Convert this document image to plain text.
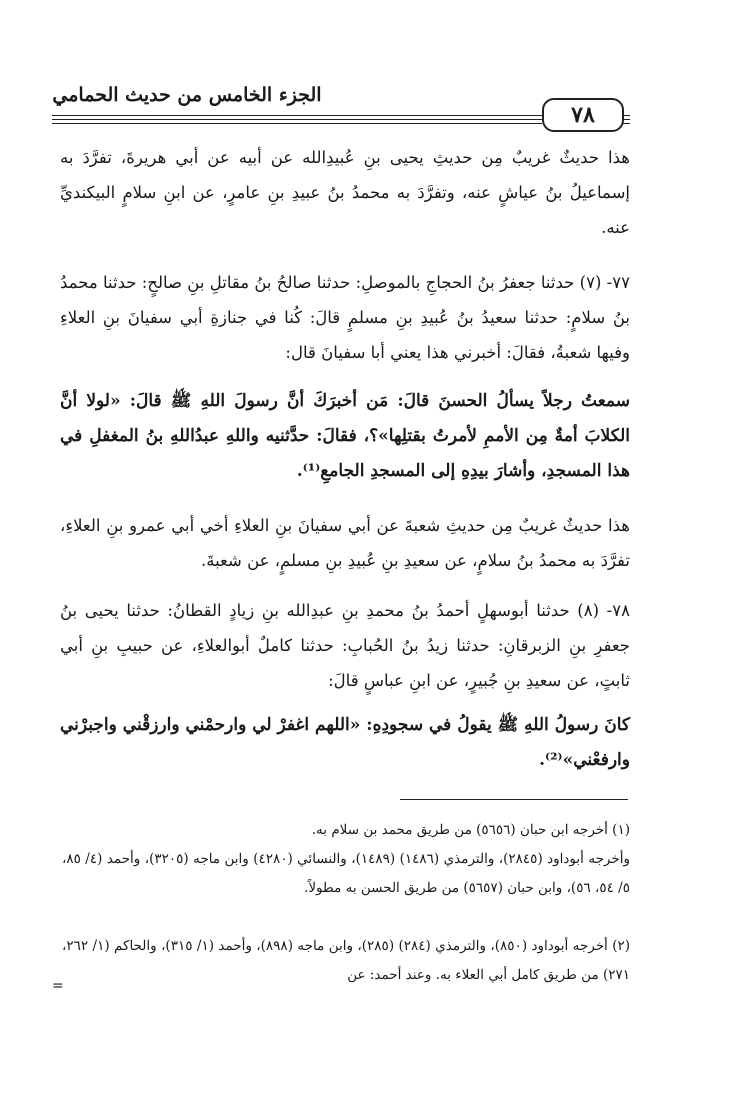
الجزء الخامس من حديث الحمامي
٧٨
هذا حديثٌ غريبٌ مِن حديثِ يحيى بنِ عُبيدِالله عن أبيه عن أبي هريرةَ، تفرَّدَ به إسماعيلُ بنُ عياشٍ عنه، وتفرَّدَ به محمدُ بنُ عبيدِ بنِ عامرٍ، عن ابنِ سلامٍ البيكنديِّ عنه.
٧٧- (٧) حدثنا جعفرُ بنُ الحجاجِ بالموصلِ: حدثنا صالحُ بنُ مقاتلِ بنِ صالحٍ: حدثنا محمدُ بنُ سلامٍ: حدثنا سعيدُ بنُ عُبيدِ بنِ مسلمٍ قالَ: كُنا في جنازةِ أبي سفيانَ بنِ العلاءِ وفيها شعبةُ، فقالَ: أخبرني هذا يعني أبا سفيانَ قال:
سمعتُ رجلاً يسألُ الحسنَ قالَ: مَن أخبرَكَ أنَّ رسولَ اللهِ ﷺ قالَ: «لولا أنَّ الكلابَ أمةٌ مِن الأممِ لأمرتُ بقتلِها»؟، فقالَ: حدَّثنيه واللهِ عبدُاللهِ بنُ المغفلِ في هذا المسجدِ، وأشارَ بيدِهِ إلى المسجدِ الجامعِ⁽¹⁾.
هذا حديثٌ غريبٌ مِن حديثِ شعبةَ عن أبي سفيانَ بنِ العلاءِ أخي أبي عمرو بنِ العلاءِ، تفرَّدَ به محمدُ بنُ سلامٍ، عن سعيدِ بنِ عُبيدِ بنِ مسلمٍ، عن شعبةَ.
٧٨- (٨) حدثنا أبوسهلٍ أحمدُ بنُ محمدِ بنِ عبدِالله بنِ زيادٍ القطانُ: حدثنا يحيى بنُ جعفرِ بنِ الزبرقانِ: حدثنا زيدُ بنُ الحُبابِ: حدثنا كاملٌ أبوالعلاءِ، عن حبيبِ بنِ أبي ثابتٍ، عن سعيدِ بنِ جُبيرٍ، عن ابنِ عباسٍ قالَ:
كانَ رسولُ اللهِ ﷺ يقولُ في سجودِهِ: «اللهم اغفرْ لي وارحمْني وارزقْني واجبرْني وارفعْني»⁽²⁾.
(١) أخرجه ابن حبان (٥٦٥٦) من طريق محمد بن سلام به.
وأخرجه أبوداود (٢٨٤٥)، والترمذي (١٤٨٦) (١٤٨٩)، والنسائي (٤٢٨٠) وابن ماجه (٣٢٠٥)، وأحمد (٤/ ٨٥، ٥/ ٥٤، ٥٦)، وابن حبان (٥٦٥٧) من طريق الحسن به مطولاً.
(٢) أخرجه أبوداود (٨٥٠)، والترمذي (٢٨٤) (٢٨٥)، وابن ماجه (٨٩٨)، وأحمد (١/ ٣١٥)، والحاكم (١/ ٢٦٢، ٢٧١) من طريق كامل أبي العلاء به. وعند أحمد: عن
=
